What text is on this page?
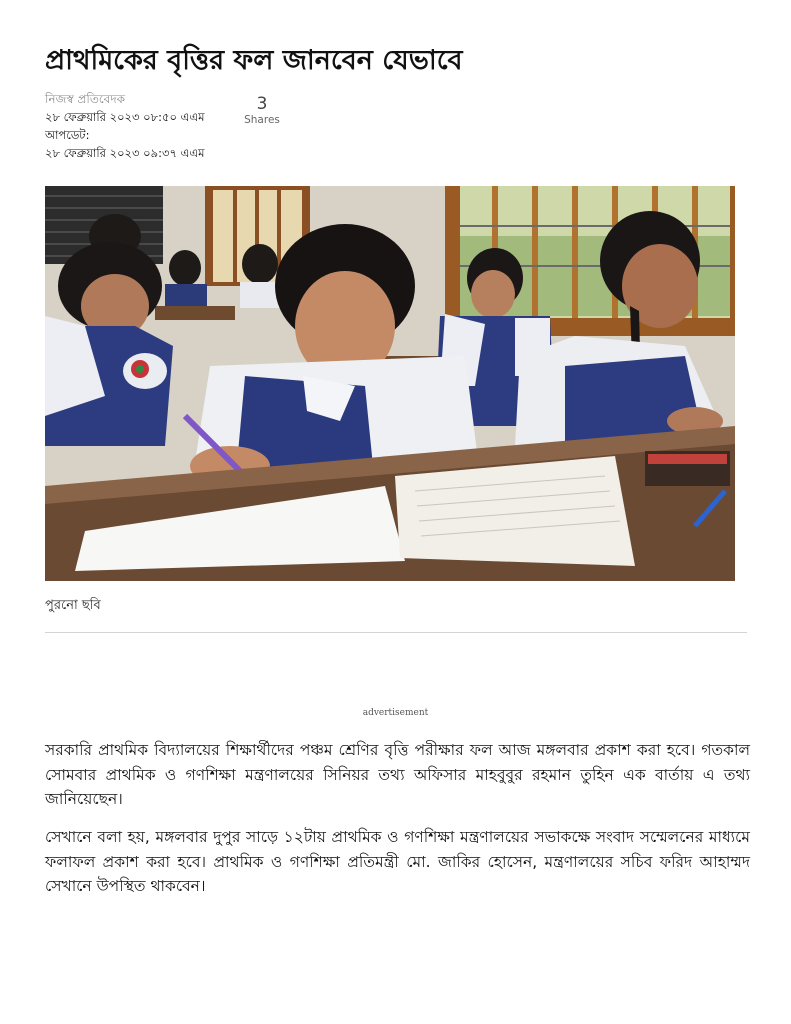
প্রাথমিকের বৃত্তির ফল জানবেন যেভাবে
নিজস্ব প্রতিবেদক
২৮ ফেব্রুয়ারি ২০২৩ ০৮:৫০ এএম
আপডেট:
২৮ ফেব্রুয়ারি ২০২৩ ০৯:৩৭ এএম
3
Shares
পুরনো ছবি
advertisement

সরকারি প্রাথমিক বিদ্যালয়ের শিক্ষার্থীদের পঞ্চম শ্রেণির বৃত্তি পরীক্ষার ফল আজ মঙ্গলবার প্রকাশ করা হবে। গতকাল সোমবার প্রাথমিক ও গণশিক্ষা মন্ত্রণালয়ের সিনিয়র তথ্য অফিসার মাহবুবুর রহমান তুহিন এক বার্তায় এ তথ্য জানিয়েছেন।

সেখানে বলা হয়, মঙ্গলবার দুপুর সাড়ে ১২টায় প্রাথমিক ও গণশিক্ষা মন্ত্রণালয়ের সভাকক্ষে সংবাদ সম্মেলনের মাধ্যমে ফলাফল প্রকাশ করা হবে। প্রাথমিক ও গণশিক্ষা প্রতিমন্ত্রী মো. জাকির হোসেন, মন্ত্রণালয়ের সচিব ফরিদ আহাম্মদ সেখানে উপস্থিত থাকবেন।
